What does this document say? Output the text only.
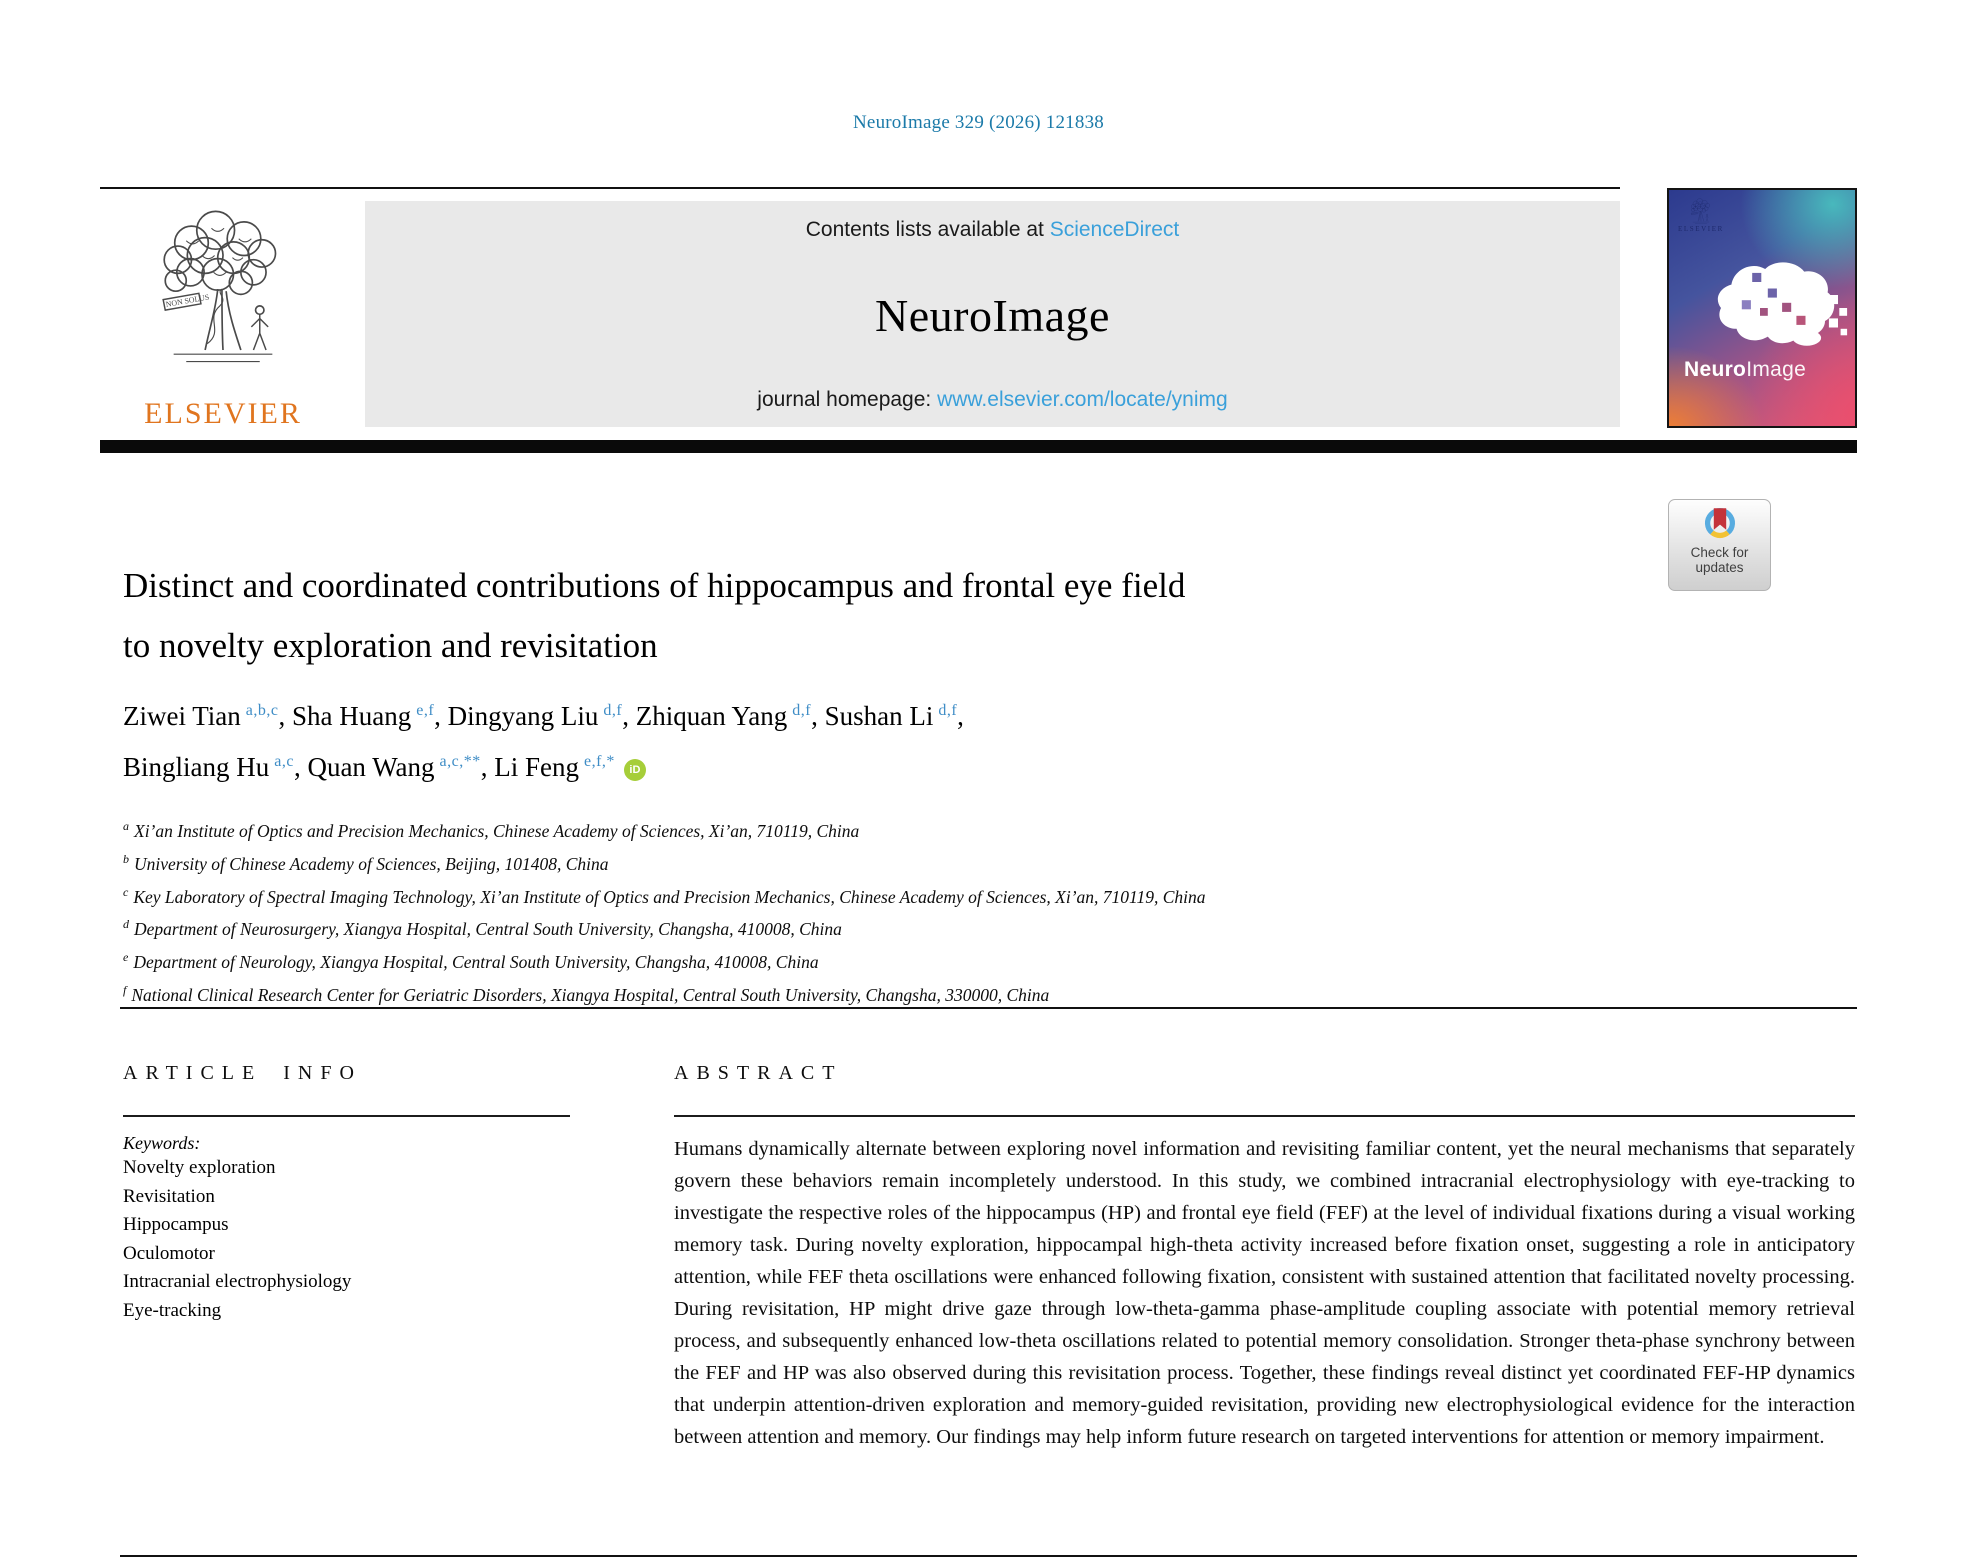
NeuroImage 329 (2026) 121838
ELSEVIER
Contents lists available at ScienceDirect
NeuroImage
journal homepage: www.elsevier.com/locate/ynimg
ELSEVIER
NeuroImage
Check for
updates
Distinct and coordinated contributions of hippocampus and frontal eye field
to novelty exploration and revisitation
Ziwei Tian $^{a,b,c}$, Sha Huang $^{e,f}$, Dingyang Liu $^{d,f}$, Zhiquan Yang $^{d,f}$, Sushan Li $^{d,f}$,
Bingliang Hu $^{a,c}$, Quan Wang $^{a,c,**}$, Li Feng $^{e,f,*}$ iD
$^a$ Xi’an Institute of Optics and Precision Mechanics, Chinese Academy of Sciences, Xi’an, 710119, China
$^b$ University of Chinese Academy of Sciences, Beijing, 101408, China
$^c$ Key Laboratory of Spectral Imaging Technology, Xi’an Institute of Optics and Precision Mechanics, Chinese Academy of Sciences, Xi’an, 710119, China
$^d$ Department of Neurosurgery, Xiangya Hospital, Central South University, Changsha, 410008, China
$^e$ Department of Neurology, Xiangya Hospital, Central South University, Changsha, 410008, China
$^f$ National Clinical Research Center for Geriatric Disorders, Xiangya Hospital, Central South University, Changsha, 330000, China
ARTICLE INFO
Keywords:
Novelty exploration
Revisitation
Hippocampus
Oculomotor
Intracranial electrophysiology
Eye-tracking
ABSTRACT
Humans dynamically alternate between exploring novel information and revisiting familiar content, yet the neural mechanisms that separately govern these behaviors remain incompletely understood. In this study, we combined intracranial electrophysiology with eye-tracking to investigate the respective roles of the hippocampus (HP) and frontal eye field (FEF) at the level of individual fixations during a visual working memory task. During novelty exploration, hippocampal high-theta activity increased before fixation onset, suggesting a role in anticipatory attention, while FEF theta oscillations were enhanced following fixation, consistent with sustained attention that facilitated novelty processing. During revisitation, HP might drive gaze through low-theta-gamma phase-amplitude coupling associate with potential memory retrieval process, and subsequently enhanced low-theta oscillations related to potential memory consolidation. Stronger theta-phase synchrony between the FEF and HP was also observed during this revisitation process. Together, these findings reveal distinct yet coordinated FEF-HP dynamics that underpin attention-driven exploration and memory-guided revisitation, providing new electrophysiological evidence for the interaction between attention and memory. Our findings may help inform future research on targeted interventions for attention or memory impairment.
